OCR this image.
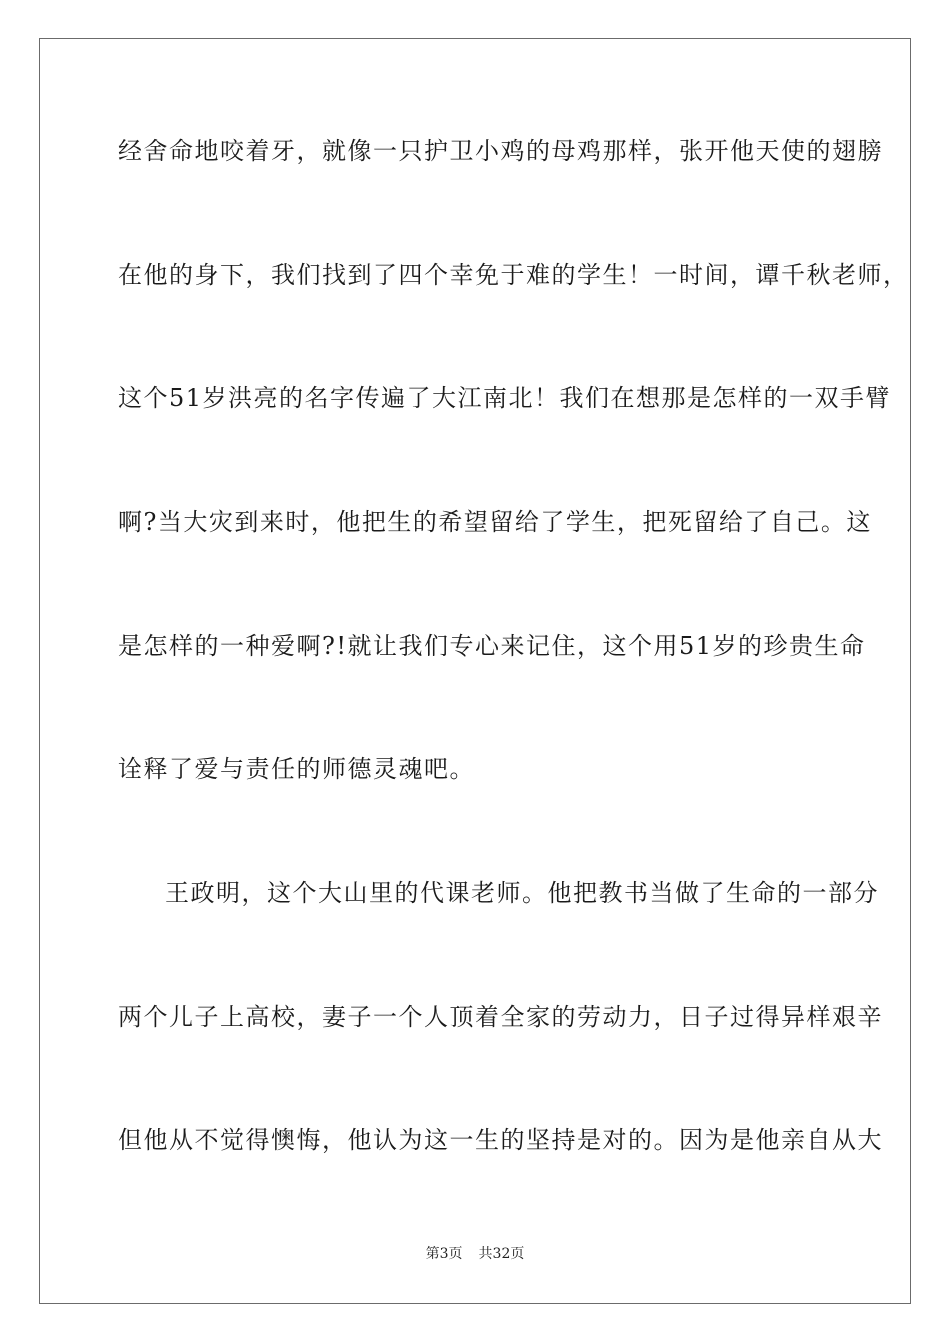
经舍命地咬着牙，就像一只护卫小鸡的母鸡那样，张开他天使的翅膀
在他的身下，我们找到了四个幸免于难的学生！一时间，谭千秋老师，
这个51岁洪亮的名字传遍了大江南北！我们在想那是怎样的一双手臂
啊?当大灾到来时，他把生的希望留给了学生，把死留给了自己。这
是怎样的一种爱啊?!就让我们专心来记住，这个用51岁的珍贵生命
诠释了爱与责任的师德灵魂吧。
王政明，这个大山里的代课老师。他把教书当做了生命的一部分
两个儿子上高校，妻子一个人顶着全家的劳动力，日子过得异样艰辛
但他从不觉得懊悔，他认为这一生的坚持是对的。因为是他亲自从大
第3页 共32页
